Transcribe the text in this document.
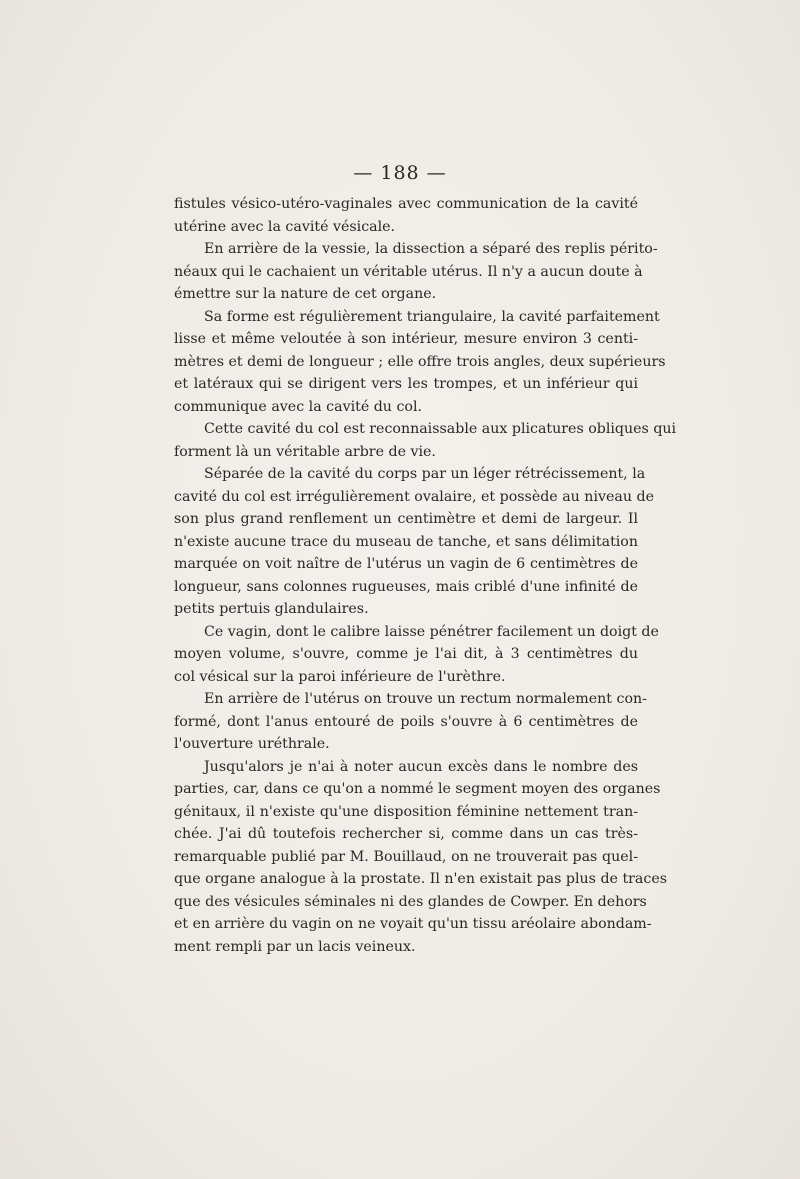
— 188 —
fistules vésico-utéro-vaginales avec communication de la cavité
utérine avec la cavité vésicale.
En arrière de la vessie, la dissection a séparé des replis périto-
néaux qui le cachaient un véritable utérus. Il n'y a aucun doute à
émettre sur la nature de cet organe.
Sa forme est régulièrement triangulaire, la cavité parfaitement
lisse et même veloutée à son intérieur, mesure environ 3 centi-
mètres et demi de longueur ; elle offre trois angles, deux supérieurs
et latéraux qui se dirigent vers les trompes, et un inférieur qui
communique avec la cavité du col.
Cette cavité du col est reconnaissable aux plicatures obliques qui
forment là un véritable arbre de vie.
Séparée de la cavité du corps par un léger rétrécissement, la
cavité du col est irrégulièrement ovalaire, et possède au niveau de
son plus grand renflement un centimètre et demi de largeur. Il
n'existe aucune trace du museau de tanche, et sans délimitation
marquée on voit naître de l'utérus un vagin de 6 centimètres de
longueur, sans colonnes rugueuses, mais criblé d'une infinité de
petits pertuis glandulaires.
Ce vagin, dont le calibre laisse pénétrer facilement un doigt de
moyen volume, s'ouvre, comme je l'ai dit, à 3 centimètres du
col vésical sur la paroi inférieure de l'urèthre.
En arrière de l'utérus on trouve un rectum normalement con-
formé, dont l'anus entouré de poils s'ouvre à 6 centimètres de
l'ouverture uréthrale.
Jusqu'alors je n'ai à noter aucun excès dans le nombre des
parties, car, dans ce qu'on a nommé le segment moyen des organes
génitaux, il n'existe qu'une disposition féminine nettement tran-
chée. J'ai dû toutefois rechercher si, comme dans un cas très-
remarquable publié par M. Bouillaud, on ne trouverait pas quel-
que organe analogue à la prostate. Il n'en existait pas plus de traces
que des vésicules séminales ni des glandes de Cowper. En dehors
et en arrière du vagin on ne voyait qu'un tissu aréolaire abondam-
ment rempli par un lacis veineux.
